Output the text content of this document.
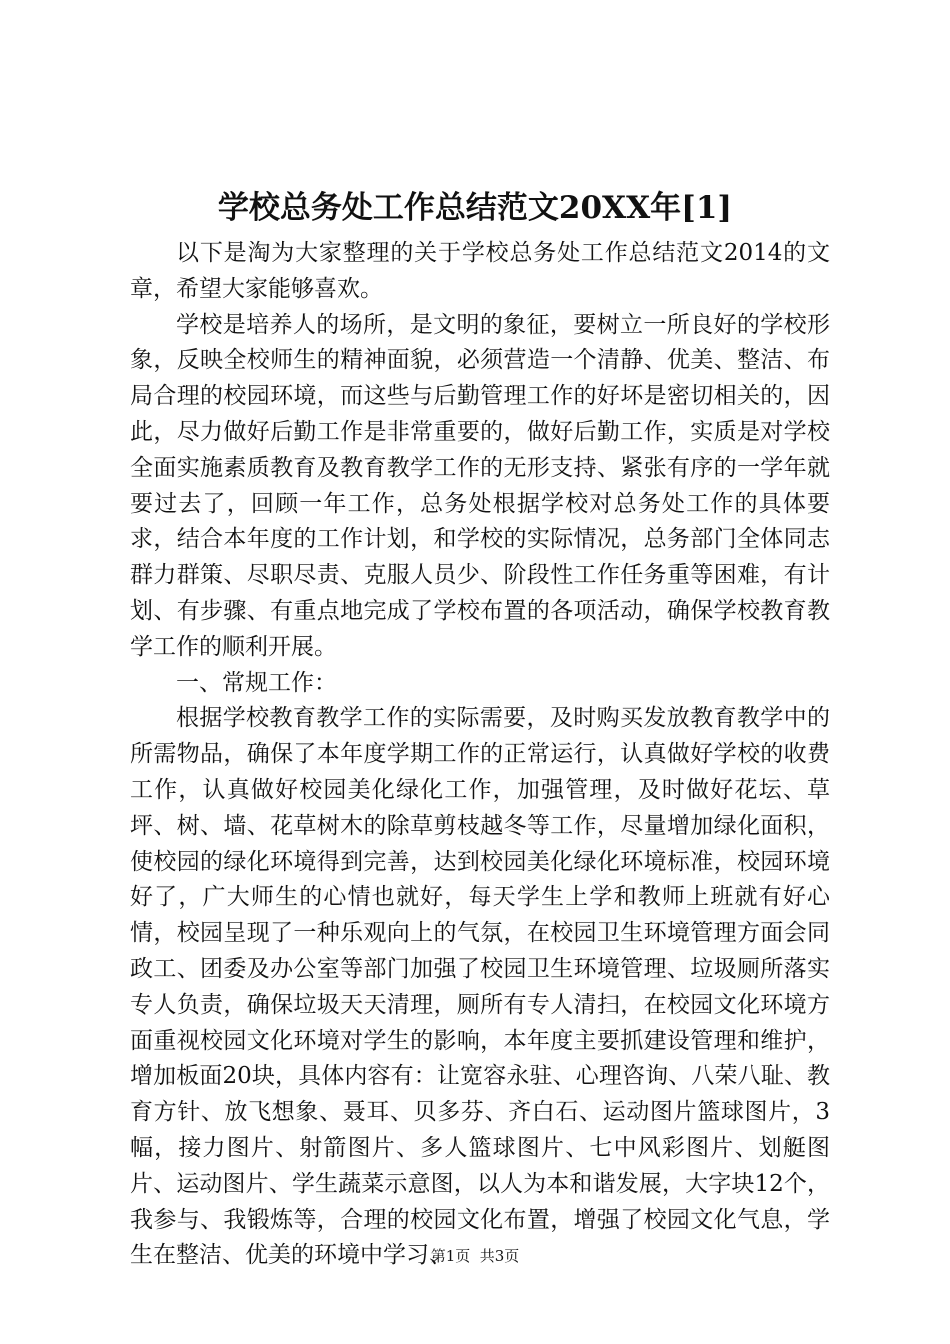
学校总务处工作总结范文20XX年[1]

以下是淘为大家整理的关于学校总务处工作总结范文2014的文章，希望大家能够喜欢。

学校是培养人的场所，是文明的象征，要树立一所良好的学校形象，反映全校师生的精神面貌，必须营造一个清静、优美、整洁、布局合理的校园环境，而这些与后勤管理工作的好坏是密切相关的，因此，尽力做好后勤工作是非常重要的，做好后勤工作，实质是对学校全面实施素质教育及教育教学工作的无形支持、紧张有序的一学年就要过去了，回顾一年工作，总务处根据学校对总务处工作的具体要求，结合本年度的工作计划，和学校的实际情况，总务部门全体同志群力群策、尽职尽责、克服人员少、阶段性工作任务重等困难，有计划、有步骤、有重点地完成了学校布置的各项活动，确保学校教育教学工作的顺利开展。

一、常规工作：

根据学校教育教学工作的实际需要，及时购买发放教育教学中的所需物品，确保了本年度学期工作的正常运行，认真做好学校的收费工作，认真做好校园美化绿化工作，加强管理，及时做好花坛、草坪、树、墙、花草树木的除草剪枝越冬等工作，尽量增加绿化面积，使校园的绿化环境得到完善，达到校园美化绿化环境标准，校园环境好了，广大师生的心情也就好，每天学生上学和教师上班就有好心情，校园呈现了一种乐观向上的气氛，在校园卫生环境管理方面会同政工、团委及办公室等部门加强了校园卫生环境管理、垃圾厕所落实专人负责，确保垃圾天天清理，厕所有专人清扫，在校园文化环境方面重视校园文化环境对学生的影响，本年度主要抓建设管理和维护，增加板面20块，具体内容有：让宽容永驻、心理咨询、八荣八耻、教育方针、放飞想象、聂耳、贝多芬、齐白石、运动图片篮球图片，3幅，接力图片、射箭图片、多人篮球图片、七中风彩图片、划艇图片、运动图片、学生蔬菜示意图，以人为本和谐发展，大字块12个，我参与、我锻炼等，合理的校园文化布置，增强了校园文化气息，学生在整洁、优美的环境中学习、

第1页  共3页
